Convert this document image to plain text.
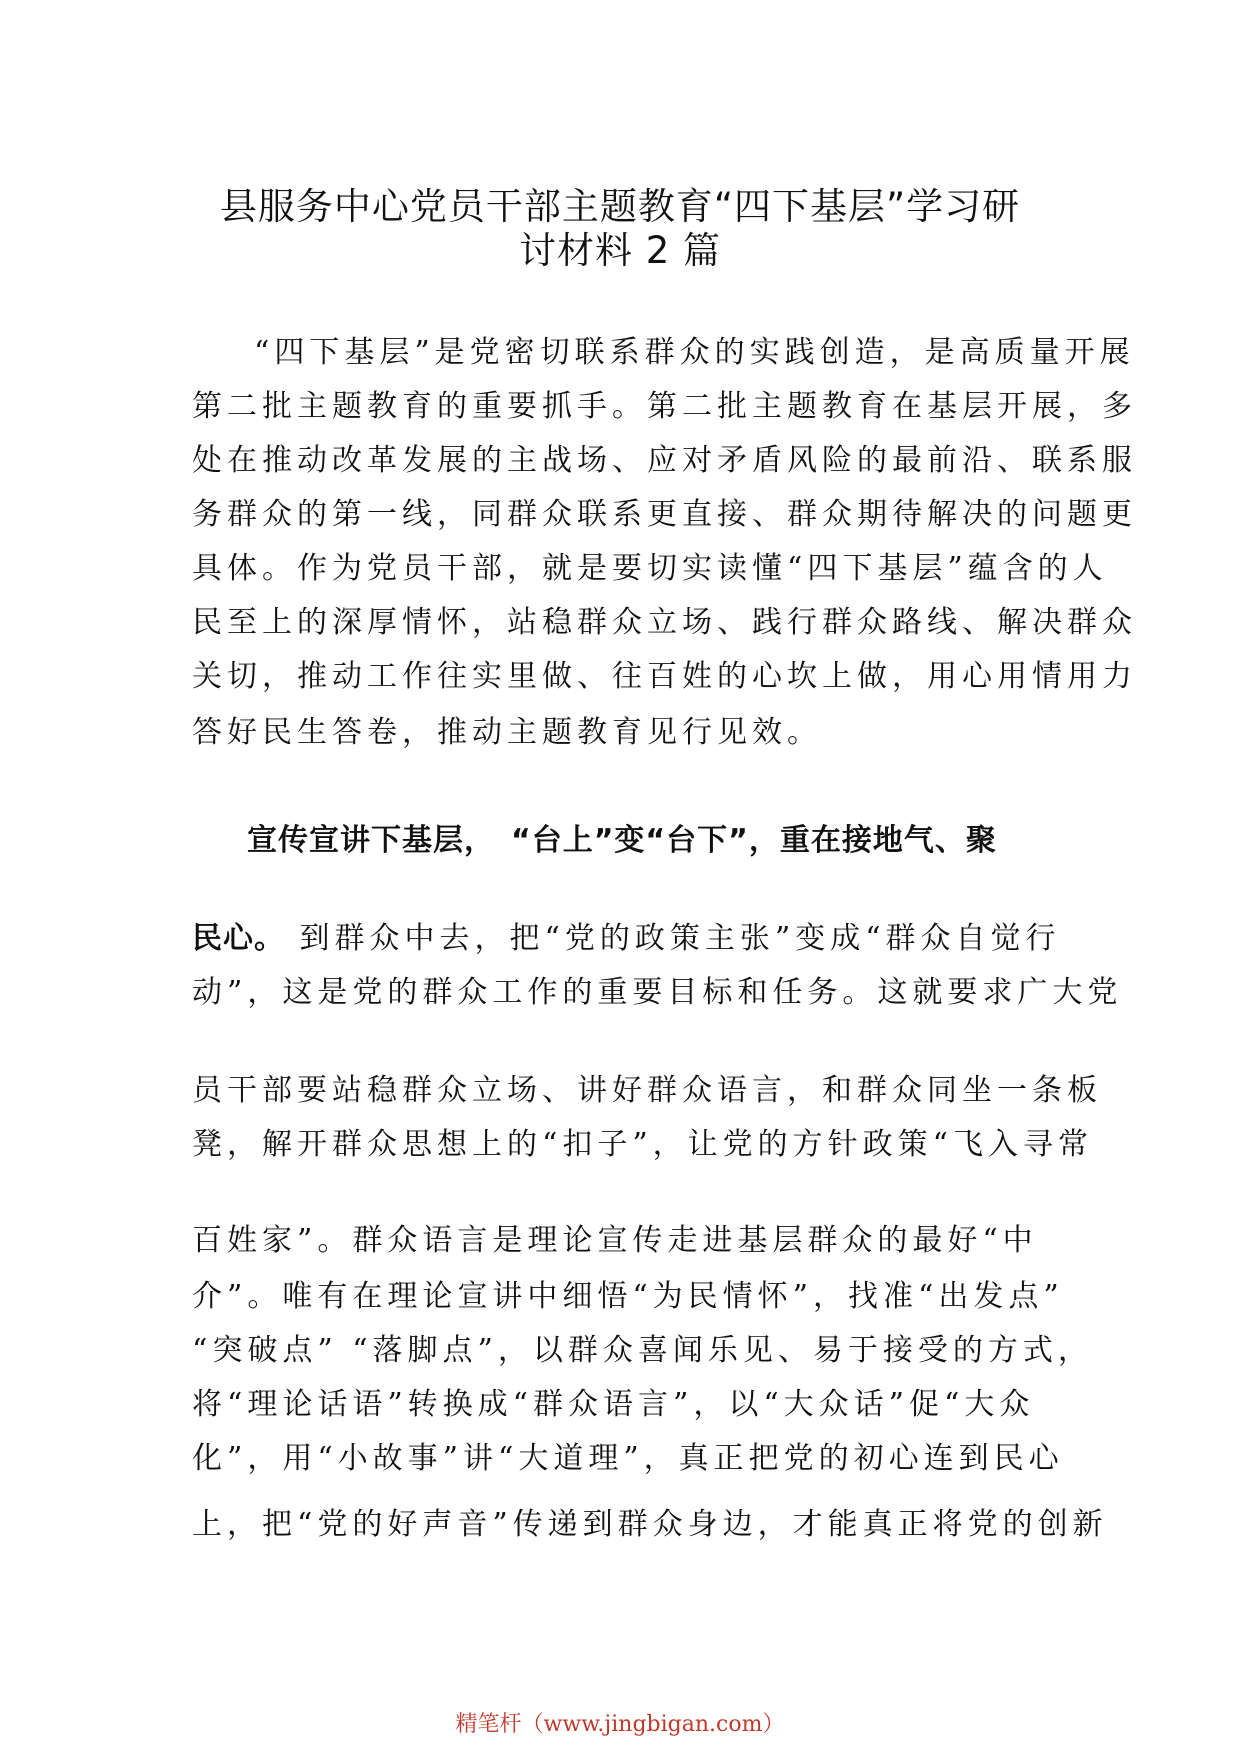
县服务中心党员干部主题教育“四下基层”学习研
讨材料 2 篇
“四下基层”是党密切联系群众的实践创造，是高质量开展
第二批主题教育的重要抓手。第二批主题教育在基层开展，多
处在推动改革发展的主战场、应对矛盾风险的最前沿、联系服
务群众的第一线，同群众联系更直接、群众期待解决的问题更
具体。作为党员干部，就是要切实读懂“四下基层”蕴含的人
民至上的深厚情怀，站稳群众立场、践行群众路线、解决群众
关切，推动工作往实里做、往百姓的心坎上做，用心用情用力
答好民生答卷，推动主题教育见行见效。
宣传宣讲下基层，　“台上”变“台下”，重在接地气、聚
民心。 到群众中去，把“党的政策主张”变成“群众自觉行
动”，这是党的群众工作的重要目标和任务。这就要求广大党
员干部要站稳群众立场、讲好群众语言，和群众同坐一条板
凳，解开群众思想上的“扣子”，让党的方针政策“飞入寻常
百姓家”。群众语言是理论宣传走进基层群众的最好“中
介”。唯有在理论宣讲中细悟“为民情怀”，找准“出发点”
“突破点” “落脚点”，以群众喜闻乐见、易于接受的方式，
将“理论话语”转换成“群众语言”，以“大众话”促“大众
化”，用“小故事”讲“大道理”，真正把党的初心连到民心
上，把“党的好声音”传递到群众身边，才能真正将党的创新
精笔杆（www.jingbigan.com）
